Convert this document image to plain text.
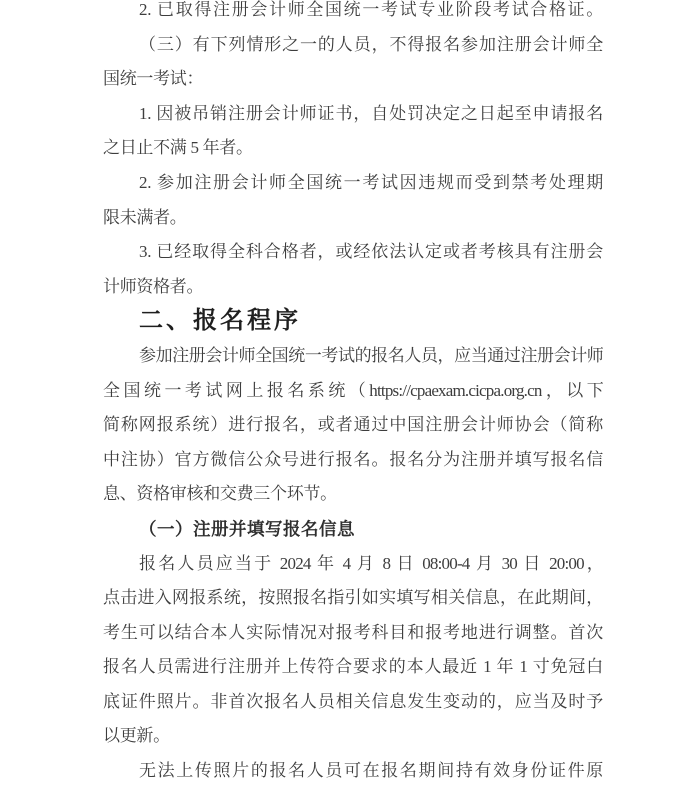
2. 已取得注册会计师全国统一考试专业阶段考试合格证。
（三）有下列情形之一的人员，不得报名参加注册会计师全
国统一考试：
1. 因被吊销注册会计师证书，自处罚决定之日起至申请报名
之日止不满 5 年者。
2. 参加注册会计师全国统一考试因违规而受到禁考处理期
限未满者。
3. 已经取得全科合格者，或经依法认定或者考核具有注册会
计师资格者。
二、报名程序
参加注册会计师全国统一考试的报名人员，应当通过注册会计师
全国统一考试网上报名系统（https://cpaexam.cicpa.org.cn，以下
简称网报系统）进行报名，或者通过中国注册会计师协会（简称
中注协）官方微信公众号进行报名。报名分为注册并填写报名信
息、资格审核和交费三个环节。
（一）注册并填写报名信息
报名人员应当于 2024 年 4 月 8 日 08:00-4 月 30 日 20:00，
点击进入网报系统，按照报名指引如实填写相关信息，在此期间，
考生可以结合本人实际情况对报考科目和报考地进行调整。首次
报名人员需进行注册并上传符合要求的本人最近 1 年 1 寸免冠白
底证件照片。非首次报名人员相关信息发生变动的，应当及时予
以更新。
无法上传照片的报名人员可在报名期间持有效身份证件原
